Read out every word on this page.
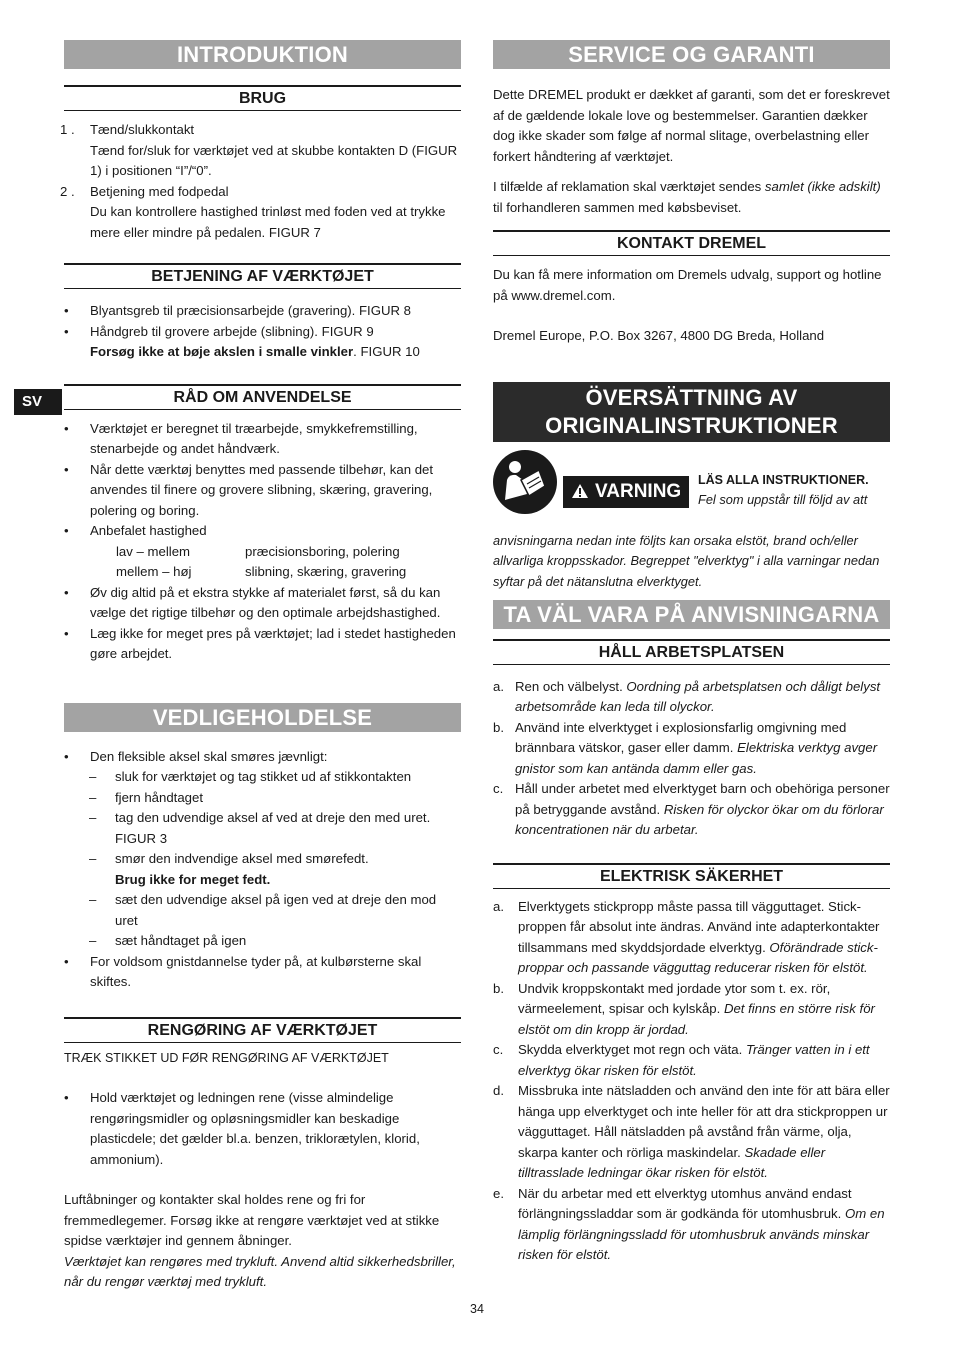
SV
INTRODUKTION
BRUG
1 . Tænd/slukkontakt

Tænd for/sluk for værktøjet ved at skubbe kontakten D (FIGUR 1) i positionen “I”/“0”.

2 . Betjening med fodpedal

Du kan kontrollere hastighed trinløst med foden ved at trykke mere eller mindre på pedalen. FIGUR 7

BETJENING AF VÆRKTØJET
• Blyantsgreb til præcisionsarbejde (gravering). FIGUR 8
• Håndgreb til grovere arbejde (slibning). FIGUR 9
Forsøg ikke at bøje akslen i smalle vinkler. FIGUR 10
RÅD OM ANVENDELSE
• Værktøjet er beregnet til træarbejde, smykkefremstilling, stenarbejde og andet håndværk.
• Når dette værktøj benyttes med passende tilbehør, kan det anvendes til finere og grovere slibning, skæring, gravering, polering og boring.
• Anbefalet hastighed
lav – mellem	præcisionsboring, polering
mellem – høj	slibning, skæring, gravering
• Øv dig altid på et ekstra stykke af materialet først, så du kan vælge det rigtige tilbehør og den optimale arbejdshastighed.
• Læg ikke for meget pres på værktøjet; lad i stedet hastigheden gøre arbejdet.
VEDLIGEHOLDELSE
• Den fleksible aksel skal smøres jævnligt:
– sluk for værktøjet og tag stikket ud af stikkontakten
– fjern håndtaget
– tag den udvendige aksel af ved at dreje den med uret. FIGUR 3
– smør den indvendige aksel med smørefedt.
Brug ikke for meget fedt.
– sæt den udvendige aksel på igen ved at dreje den mod uret
– sæt håndtaget på igen
• For voldsom gnistdannelse tyder på, at kulbørsterne skal skiftes.
RENGØRING AF VÆRKTØJET

TRÆK STIKKET UD FØR RENGØRING AF VÆRKTØJET

• Hold værktøjet og ledningen rene (visse almindelige rengøringsmidler og opløsningsmidler kan beskadige plasticdele; det gælder bl.a. benzen, triklorætylen, klorid, ammonium).

Luftåbninger og kontakter skal holdes rene og fri for fremmedlegemer. Forsøg ikke at rengøre værktøjet ved at stikke spidse værktøjer ind gennem åbninger.

Værktøjet kan rengøres med trykluft. Anvend altid sikkerhedsbriller, når du rengør værktøj med trykluft.

SERVICE OG GARANTI

Dette DREMEL produkt er dækket af garanti, som det er foreskrevet af de gældende lokale love og bestemmelser. Garantien dækker dog ikke skader som følge af normal slitage, overbelastning eller forkert håndtering af værktøjet.

I tilfælde af reklamation skal værktøjet sendes samlet (ikke adskilt) til forhandleren sammen med købsbeviset.

KONTAKT DREMEL

Du kan få mere information om Dremels udvalg, support og hotline på www.dremel.com.

Dremel Europe, P.O. Box 3267, 4800 DG Breda, Holland

ÖVERSÄTTNING AV
ORIGINALINSTRUKTIONER
VARNING
LÄS ALLA INSTRUKTIONER.
Fel som uppstår till följd av att
anvisningarna nedan inte följts kan orsaka elstöt, brand och/eller allvarliga kroppsskador. Begreppet "elverktyg" i alla varningar nedan syftar på det nätanslutna elverktyget.
TA VÄL VARA PÅ ANVISNINGARNA
HÅLL ARBETSPLATSEN
a. Ren och välbelyst. Oordning på arbetsplatsen och dåligt belyst arbetsområde kan leda till olyckor.
b. Använd inte elverktyget i explosionsfarlig omgivning med brännbara vätskor, gaser eller damm. Elektriska verktyg avger gnistor som kan antända damm eller gas.
c. Håll under arbetet med elverktyget barn och obehöriga personer på betryggande avstånd. Risken för olyckor ökar om du förlorar koncentrationen när du arbetar.
ELEKTRISK SÄKERHET
a. Elverktygets stickpropp måste passa till vägguttaget. Stick-proppen får absolut inte ändras. Använd inte adapterkontakter tillsammans med skyddsjordade elverktyg. Oförändrade stick-proppar och passande vägguttag reducerar risken för elstöt.
b. Undvik kroppskontakt med jordade ytor som t. ex. rör, värmeelement, spisar och kylskåp. Det finns en större risk för elstöt om din kropp är jordad.
c. Skydda elverktyget mot regn och väta. Tränger vatten in i ett elverktyg ökar risken för elstöt.
d. Missbruka inte nätsladden och använd den inte för att bära eller hänga upp elverktyget och inte heller för att dra stickproppen ur vägguttaget. Håll nätsladden på avstånd från värme, olja, skarpa kanter och rörliga maskindelar. Skadade eller tilltrasslade ledningar ökar risken för elstöt.
e. När du arbetar med ett elverktyg utomhus använd endast förlängningssladdar som är godkända för utomhusbruk. Om en lämplig förlängningssladd för utomhusbruk används minskar risken för elstöt.
34
